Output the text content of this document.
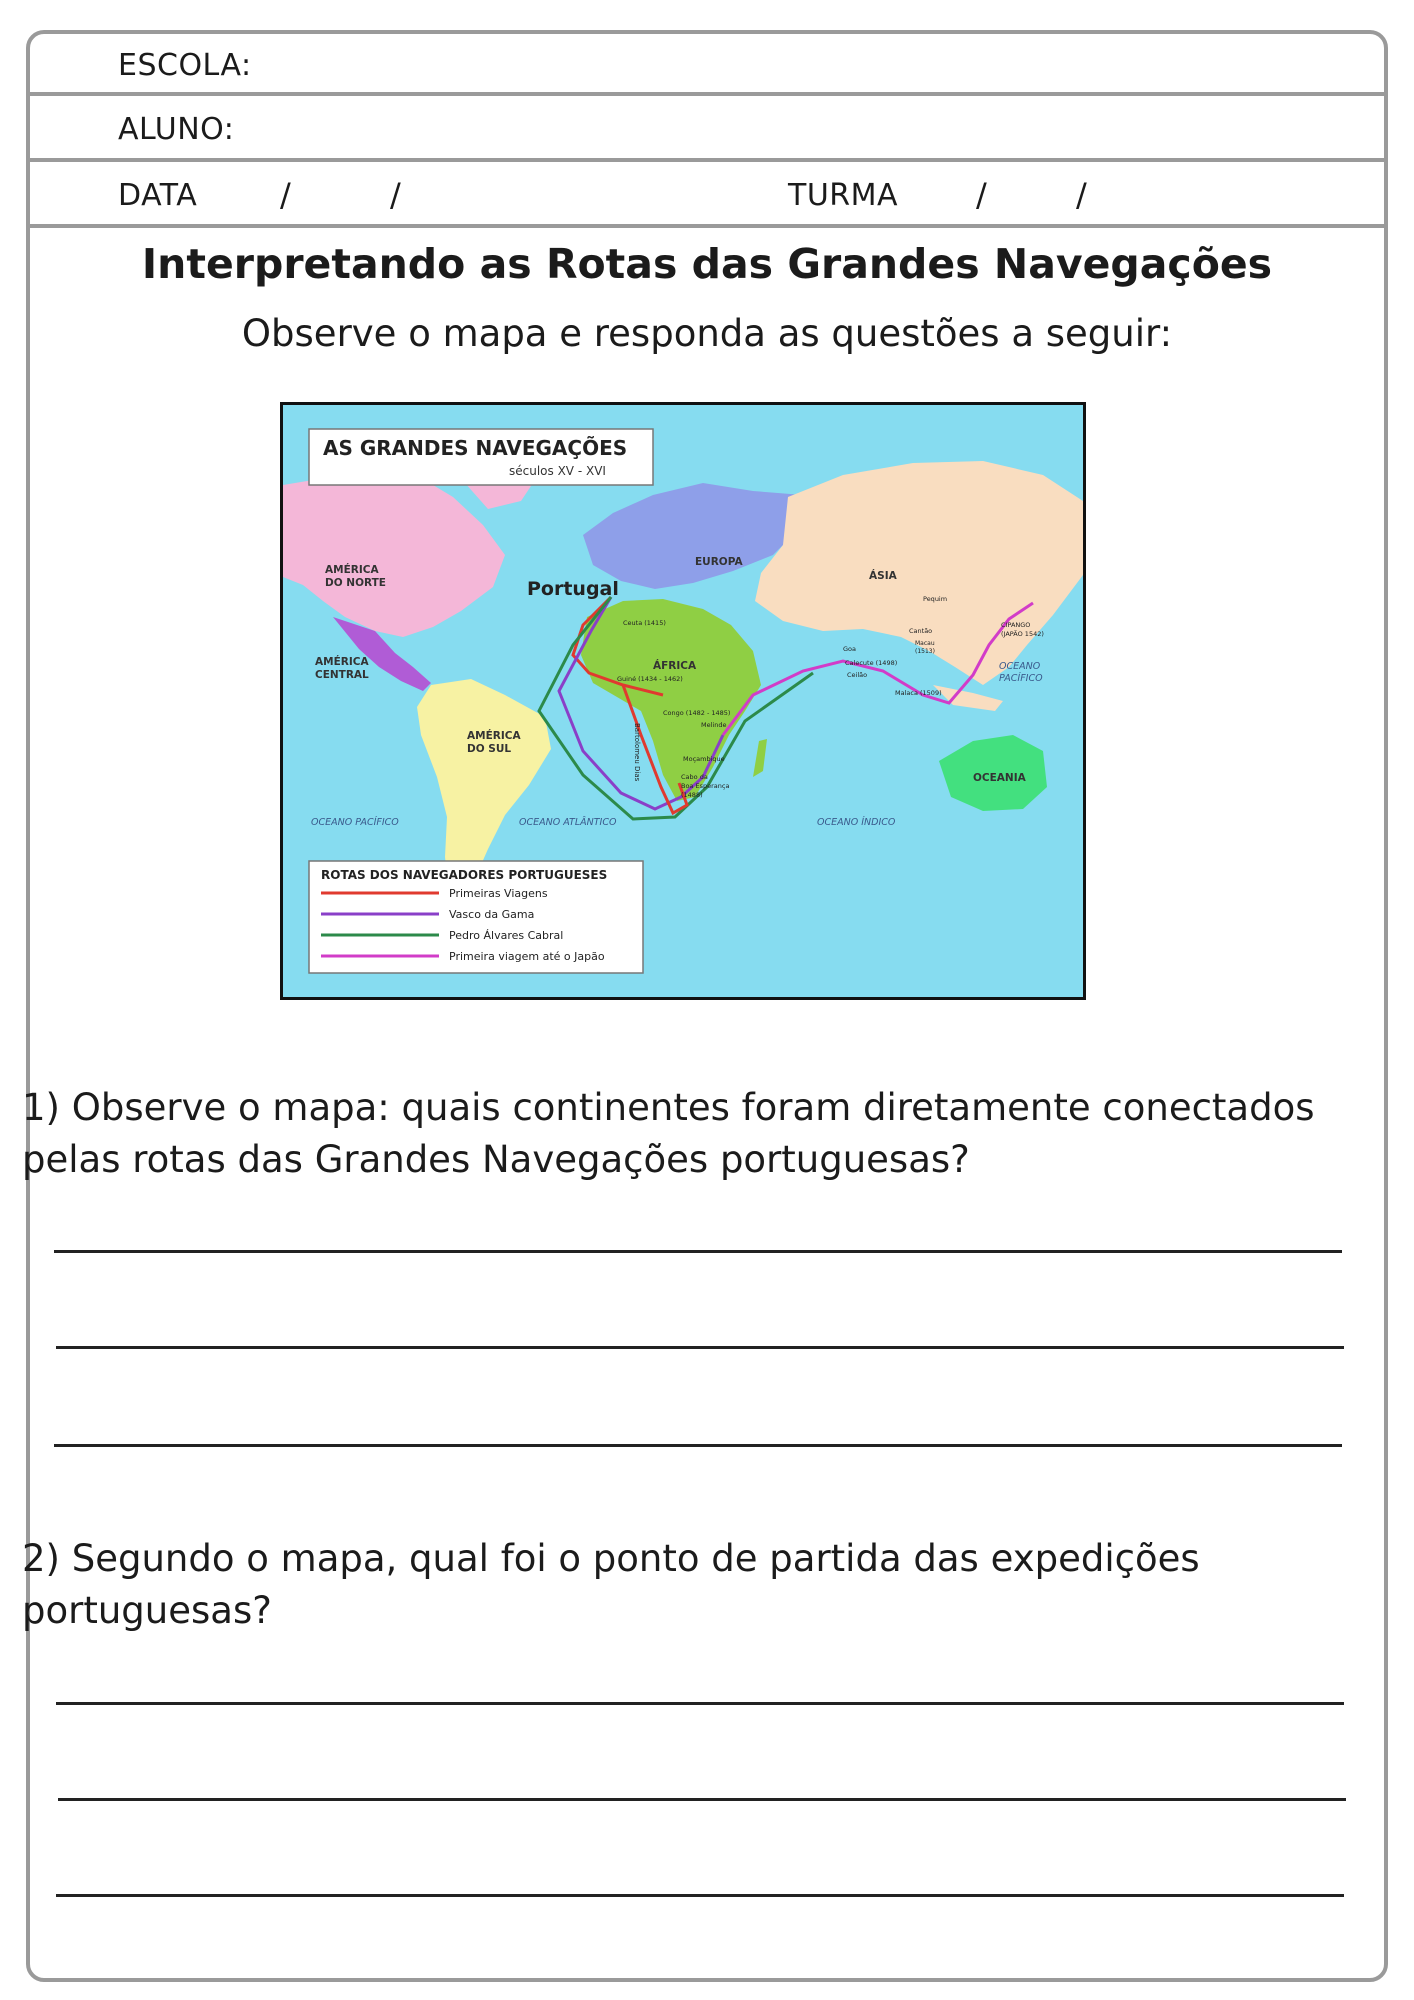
ESCOLA:
ALUNO:
DATA	/	/	TURMA /	/
Interpretando as Rotas das Grandes Navegações
Observe o mapa e responda as questões a seguir:
AS GRANDES NAVEGAÇÕES
séculos XV - XVI
AMÉRICA
DO NORTE
AMÉRICA
CENTRAL
AMÉRICA
DO SUL
EUROPA
ÁSIA
ÁFRICA
OCEANIA
Portugal
OCEANO PACÍFICO	OCEANO ATLÂNTICO	OCEANO ÍNDICO
OCEANO
PACÍFICO
Ceuta (1415)
Guiné (1434 - 1462)
Congo (1482 - 1485)
Melinde
Moçambique
Cabo da
Boa Esperança
(1488)
Bartolomeu Dias
Goa
Calecute (1498)
Ceilão
Malaca (1509)
Pequim
Cantão
Macau
(1513)
CIPANGO
(JAPÃO 1542)
ROTAS DOS NAVEGADORES PORTUGUESES
Primeiras Viagens
Vasco da Gama
Pedro Álvares Cabral
Primeira viagem até o Japão
1) Observe o mapa: quais continentes foram diretamente conectados pelas rotas das Grandes Navegações portuguesas?
2) Segundo o mapa, qual foi o ponto de partida das expedições portuguesas?
